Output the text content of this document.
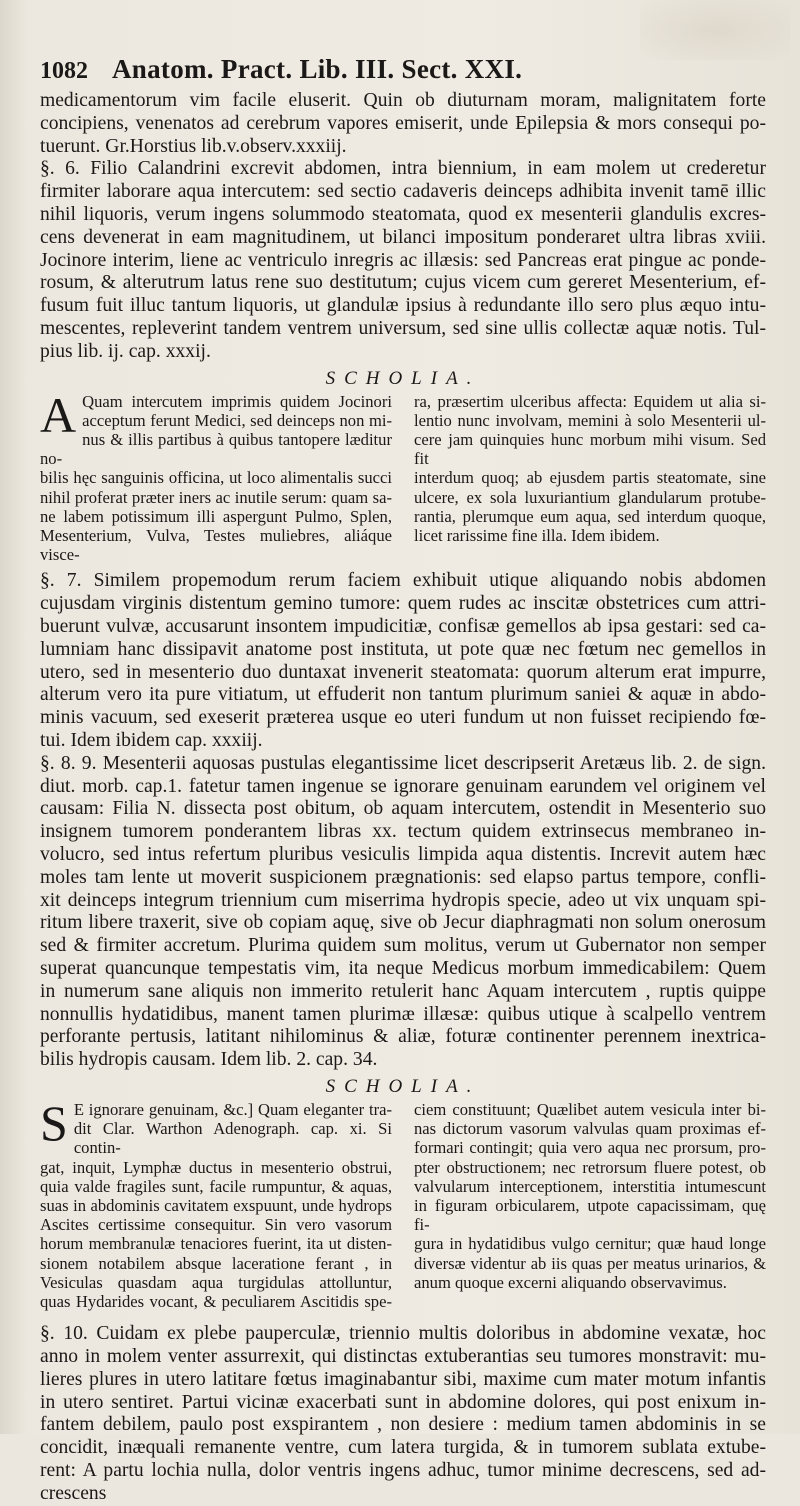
1082 Anatom. Pract. Lib. III. Sect. XXI.

medicamentorum vim facile eluserit. Quin ob diuturnam moram, malignitatem forte

concipiens, venenatos ad cerebrum vapores emiserit, unde Epilepsia & mors consequi po-

tuerunt. Gr.Horstius lib.v.observ.xxxiij.

§. 6. Filio Calandrini excrevit abdomen, intra biennium, in eam molem ut crederetur

firmiter laborare aqua intercutem: sed sectio cadaveris deinceps adhibita invenit tamē illic

nihil liquoris, verum ingens solummodo steatomata, quod ex mesenterii glandulis excres-

cens devenerat in eam magnitudinem, ut bilanci impositum ponderaret ultra libras xviii.

Jocinore interim, liene ac ventriculo inregris ac illæsis: sed Pancreas erat pingue ac ponde-

rosum, & alterutrum latus rene suo destitutum; cujus vicem cum gereret Mesenterium, ef-

fusum fuit illuc tantum liquoris, ut glandulæ ipsius à redundante illo sero plus æquo intu-

mescentes, repleverint tandem ventrem universum, sed sine ullis collectæ aquæ notis. Tul-

pius lib. ij. cap. xxxij.

SCHOLIA.
A Quam intercutem imprimis quidem Jocinori

acceptum ferunt Medici, sed deinceps non mi-

nus & illis partibus à quibus tantopere læditur no-

bilis hęc sanguinis officina, ut loco alimentalis succi

nihil proferat præter iners ac inutile serum: quam sa-

ne labem potissimum illi aspergunt Pulmo, Splen,

Mesenterium, Vulva, Testes muliebres, aliáque visce-

ra, præsertim ulceribus affecta: Equidem ut alia si-

lentio nunc involvam, memini à solo Mesenterii ul-

cere jam quinquies hunc morbum mihi visum. Sed fit

interdum quoq; ab ejusdem partis steatomate, sine

ulcere, ex sola luxuriantium glandularum protube-

rantia, plerumque eum aqua, sed interdum quoque,

licet rarissime fine illa. Idem ibidem.

§. 7. Similem propemodum rerum faciem exhibuit utique aliquando nobis abdomen

cujusdam virginis distentum gemino tumore: quem rudes ac inscitæ obstetrices cum attri-

buerunt vulvæ, accusarunt insontem impudicitiæ, confisæ gemellos ab ipsa gestari: sed ca-

lumniam hanc dissipavit anatome post instituta, ut pote quæ nec fœtum nec gemellos in

utero, sed in mesenterio duo duntaxat invenerit steatomata: quorum alterum erat impurre,

alterum vero ita pure vitiatum, ut effuderit non tantum plurimum saniei & aquæ in abdo-

minis vacuum, sed exeserit præterea usque eo uteri fundum ut non fuisset recipiendo fœ-

tui. Idem ibidem cap. xxxiij.

§. 8. 9. Mesenterii aquosas pustulas elegantissime licet descripserit Aretæus lib. 2. de sign.

diut. morb. cap.1. fatetur tamen ingenue se ignorare genuinam earundem vel originem vel

causam: Filia N. dissecta post obitum, ob aquam intercutem, ostendit in Mesenterio suo

insignem tumorem ponderantem libras xx. tectum quidem extrinsecus membraneo in-

volucro, sed intus refertum pluribus vesiculis limpida aqua distentis. Increvit autem hæc

moles tam lente ut moverit suspicionem prægnationis: sed elapso partus tempore, confli-

xit deinceps integrum triennium cum miserrima hydropis specie, adeo ut vix unquam spi-

ritum libere traxerit, sive ob copiam aquę, sive ob Jecur diaphragmati non solum onerosum

sed & firmiter accretum. Plurima quidem sum molitus, verum ut Gubernator non semper

superat quancunque tempestatis vim, ita neque Medicus morbum immedicabilem: Quem

in numerum sane aliquis non immerito retulerit hanc Aquam intercutem , ruptis quippe

nonnullis hydatidibus, manent tamen plurimæ illæsæ: quibus utique à scalpello ventrem

perforante pertusis, latitant nihilominus & aliæ, foturæ continenter perennem inextrica-

bilis hydropis causam. Idem lib. 2. cap. 34.

SCHOLIA.
S E ignorare genuinam, &c.] Quam eleganter tra-

dit Clar. Warthon Adenograph. cap. xi. Si contin-

gat, inquit, Lymphæ ductus in mesenterio obstrui,

quia valde fragiles sunt, facile rumpuntur, & aquas,

suas in abdominis cavitatem exspuunt, unde hydrops

Ascites certissime consequitur. Sin vero vasorum

horum membranulæ tenaciores fuerint, ita ut disten-

sionem notabilem absque laceratione ferant , in

Vesiculas quasdam aqua turgidulas attolluntur,

quas Hydarides vocant, & peculiarem Ascitidis spe-

ciem constituunt; Quælibet autem vesicula inter bi-

nas dictorum vasorum valvulas quam proximas ef-

formari contingit; quia vero aqua nec prorsum, pro-

pter obstructionem; nec retrorsum fluere potest, ob

valvularum interceptionem, interstitia intumescunt

in figuram orbicularem, utpote capacissimam, quę fi-

gura in hydatidibus vulgo cernitur; quæ haud longe

diversæ videntur ab iis quas per meatus urinarios, &

anum quoque excerni aliquando observavimus.

§. 10. Cuidam ex plebe pauperculæ, triennio multis doloribus in abdomine vexatæ, hoc

anno in molem venter assurrexit, qui distinctas extuberantias seu tumores monstravit: mu-

lieres plures in utero latitare fœtus imaginabantur sibi, maxime cum mater motum infantis

in utero sentiret. Partui vicinæ exacerbati sunt in abdomine dolores, qui post enixum in-

fantem debilem, paulo post exspirantem , non desiere : medium tamen abdominis in se

concidit, inæquali remanente ventre, cum latera turgida, & in tumorem sublata extube-

rent: A partu lochia nulla, dolor ventris ingens adhuc, tumor minime decrescens, sed ad-

crescens
